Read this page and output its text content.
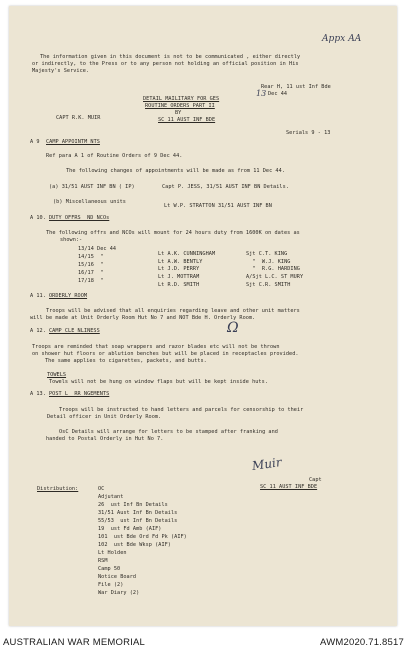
Appx AA
The information given in this document is not to be communicated , either directly
or indirectly, to the Press or to any person not holding an official position in His
Majesty's Service.
Rear H, 11 ust Inf Bde
13 Dec 44
DETAIL MAILITARY FOR GES
ROUTINE ORDERS PART II
BY
CAPT R.K. MUIR	SC 11 AUST INF BDE
Serials 9 - 13
A 9 CAMP APPOINTM NTS
Ref para A 1 of Routine Orders of 9 Dec 44.
The following changes of appointments will be made as from 11 Dec 44.
(a) 31/51 AUST INF BN ( IP)	Capt P. JESS, 31/51 AUST INF BN Details.
(b) Miscellaneous units
Lt W.P. STRATTON 31/51 AUST INF BN
A 10. DUTY OFFRS  ND NCOs
The following offrs and NCOs will mount for 24 hours duty from 1600K on dates as
shown:-
13/14 Dec 44
Lt A.K. CUNNINGHAM	Sjt C.T. KING
14/15  "
Lt A.W. BENTLY	"  W.J. KING
15/16  "
Lt J.D. PERRY	"  R.G. HARDING
16/17  "
Lt J. MOTTRAM	A/Sjt L.C. ST MURY
17/18  "
Lt R.D. SMITH	Sjt C.R. SMITH
A 11. ORDERLY ROOM
Troops will be advised that all enquiries regarding leave and other unit matters
will be made at Unit Orderly Room Hut No 7 and NOT Bde H. Orderly Room.
A 12. CAMP CLE NLINESS	Ω
Troops are reminded that soap wrappers and razor blades etc will not be thrown
on shower hut floors or ablution benches but will be placed in receptacles provided.
The same applies to cigarettes, packets, and butts.
TOWELS
Towels will not be hung on window flaps but will be kept inside huts.
A 13. POST L  RR NGEMENTS
Troops will be instructed to hand letters and parcels for censorship to their
Detail officer in Unit Orderly Room.
OsC Details will arrange for letters to be stamped after franking and
handed to Postal Orderly in Hut No 7.
Muir
Capt
SC 11 AUST INF BDE
Distribution:	OC
Adjutant
26  ust Inf Bn Details
31/51 Aust Inf Bn Details
55/53  ust Inf Bn Details
19  ust Fd Amb (AIF)
101  ust Bde Ord Fd Pk (AIF)
102  ust Bde Wksp (AIF)
Lt Holden
RSM
Camp 50
Notice Board
File (2)
War Diary (2)
AUSTRALIAN WAR MEMORIAL	AWM2020.71.8517
